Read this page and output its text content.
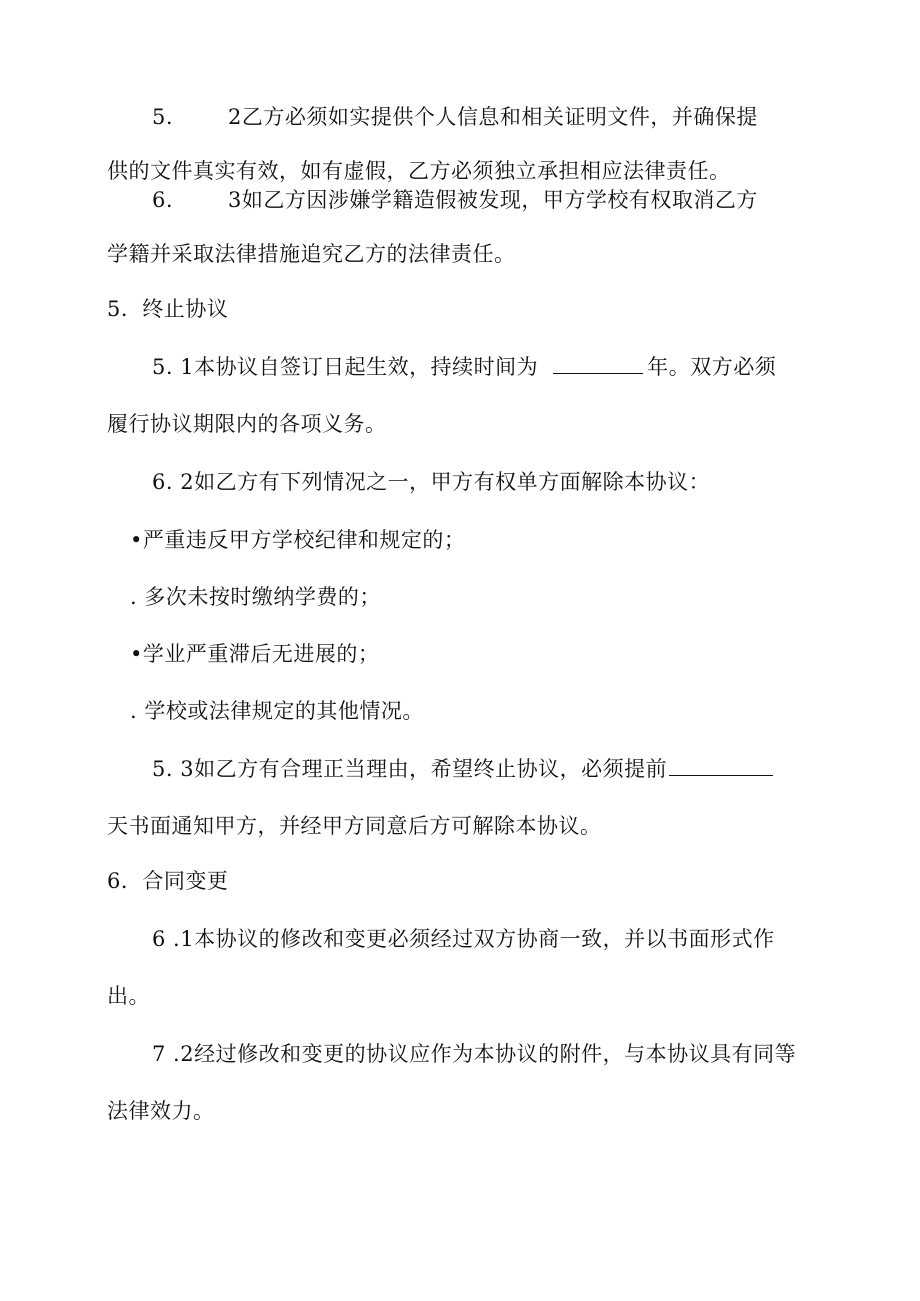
5.	2乙方必须如实提供个人信息和相关证明文件，并确保提
供的文件真实有效，如有虚假，乙方必须独立承担相应法律责任。
6.	3如乙方因涉嫌学籍造假被发现，甲方学校有权取消乙方
学籍并采取法律措施追究乙方的法律责任。
5．终止协议
5. 1本协议自签订日起生效，持续时间为	年。双方必须
履行协议期限内的各项义务。
6. 2如乙方有下列情况之一，甲方有权单方面解除本协议：
•严重违反甲方学校纪律和规定的；
. 多次未按时缴纳学费的；
•学业严重滞后无进展的；
. 学校或法律规定的其他情况。
5. 3如乙方有合理正当理由，希望终止协议，必须提前
天书面通知甲方，并经甲方同意后方可解除本协议。
6．合同变更
6 .1本协议的修改和变更必须经过双方协商一致，并以书面形式作
出。
7 .2经过修改和变更的协议应作为本协议的附件，与本协议具有同等
法律效力。
